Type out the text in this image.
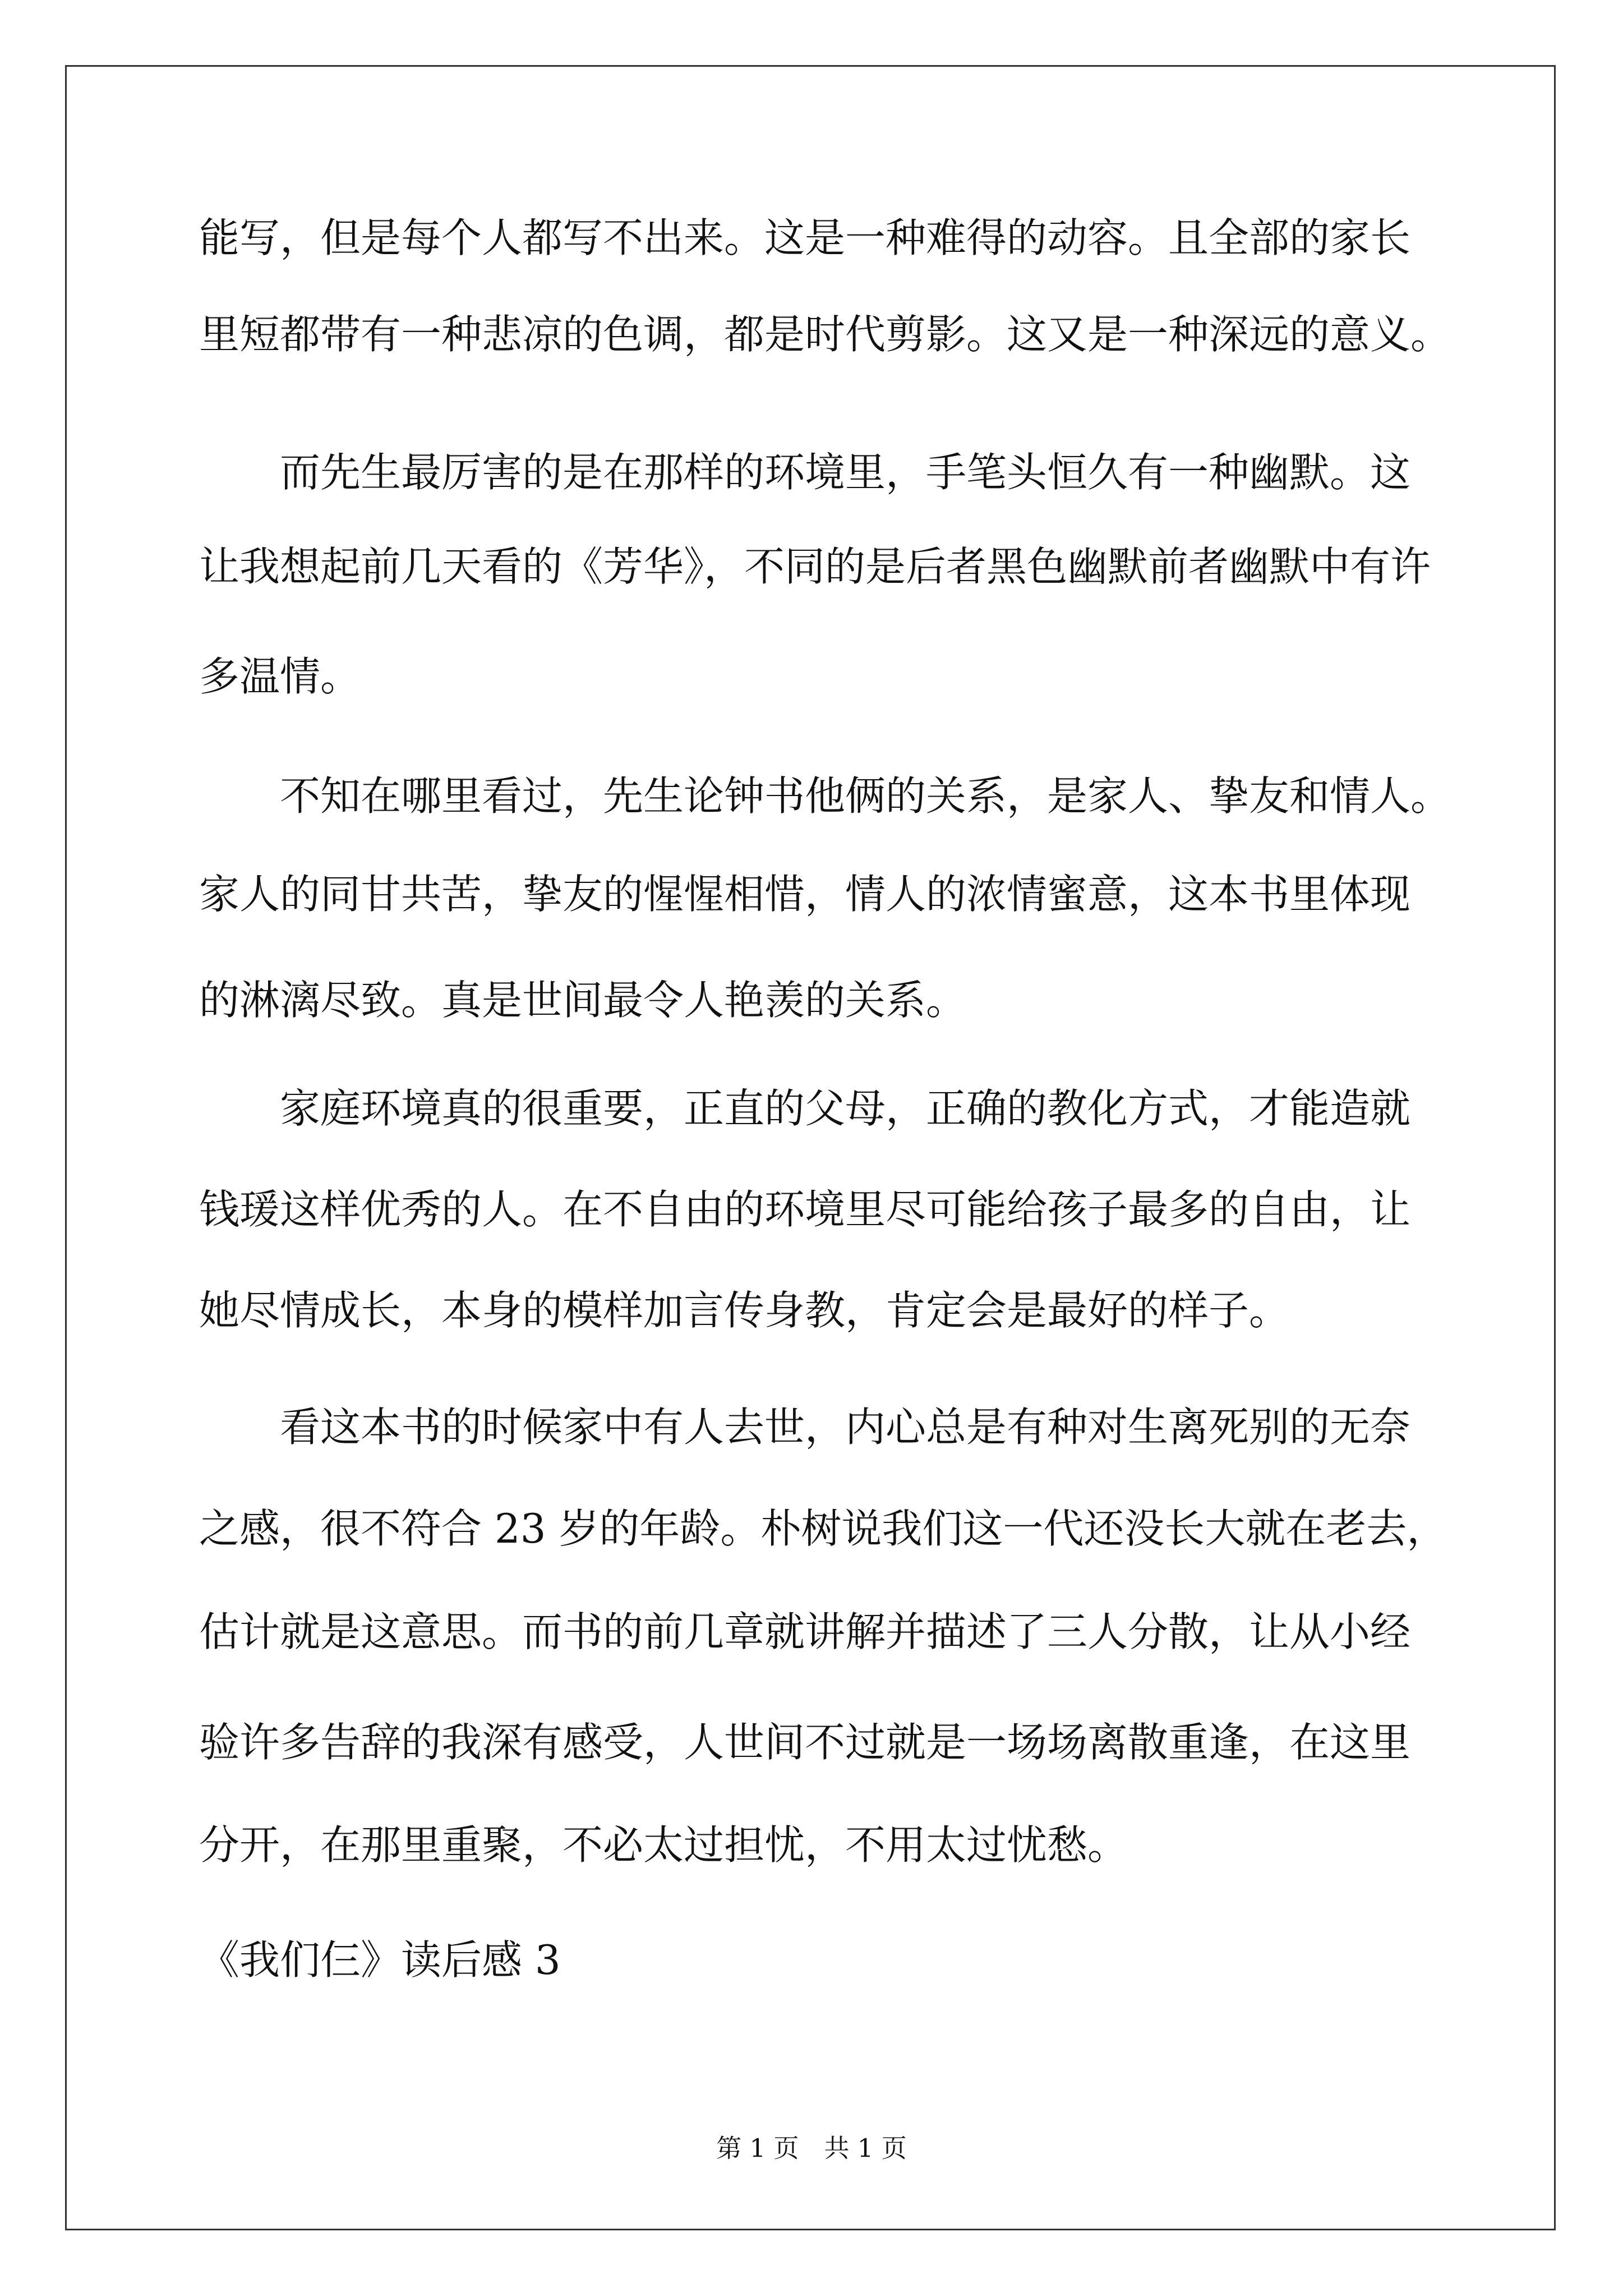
能写，但是每个人都写不出来。这是一种难得的动容。且全部的家长
里短都带有一种悲凉的色调，都是时代剪影。这又是一种深远的意义。
　　而先生最厉害的是在那样的环境里，手笔头恒久有一种幽默。这
让我想起前几天看的《芳华》，不同的是后者黑色幽默前者幽默中有许
多温情。
　　不知在哪里看过，先生论钟书他俩的关系，是家人、挚友和情人。
家人的同甘共苦，挚友的惺惺相惜，情人的浓情蜜意，这本书里体现
的淋漓尽致。真是世间最令人艳羡的关系。
　　家庭环境真的很重要，正直的父母，正确的教化方式，才能造就
钱瑗这样优秀的人。在不自由的环境里尽可能给孩子最多的自由，让
她尽情成长，本身的模样加言传身教，肯定会是最好的样子。
　　看这本书的时候家中有人去世，内心总是有种对生离死别的无奈
之感，很不符合 23 岁的年龄。朴树说我们这一代还没长大就在老去，
估计就是这意思。而书的前几章就讲解并描述了三人分散，让从小经
验许多告辞的我深有感受，人世间不过就是一场场离散重逢，在这里
分开，在那里重聚，不必太过担忧，不用太过忧愁。
《我们仨》读后感 3
第 1 页　共 1 页
